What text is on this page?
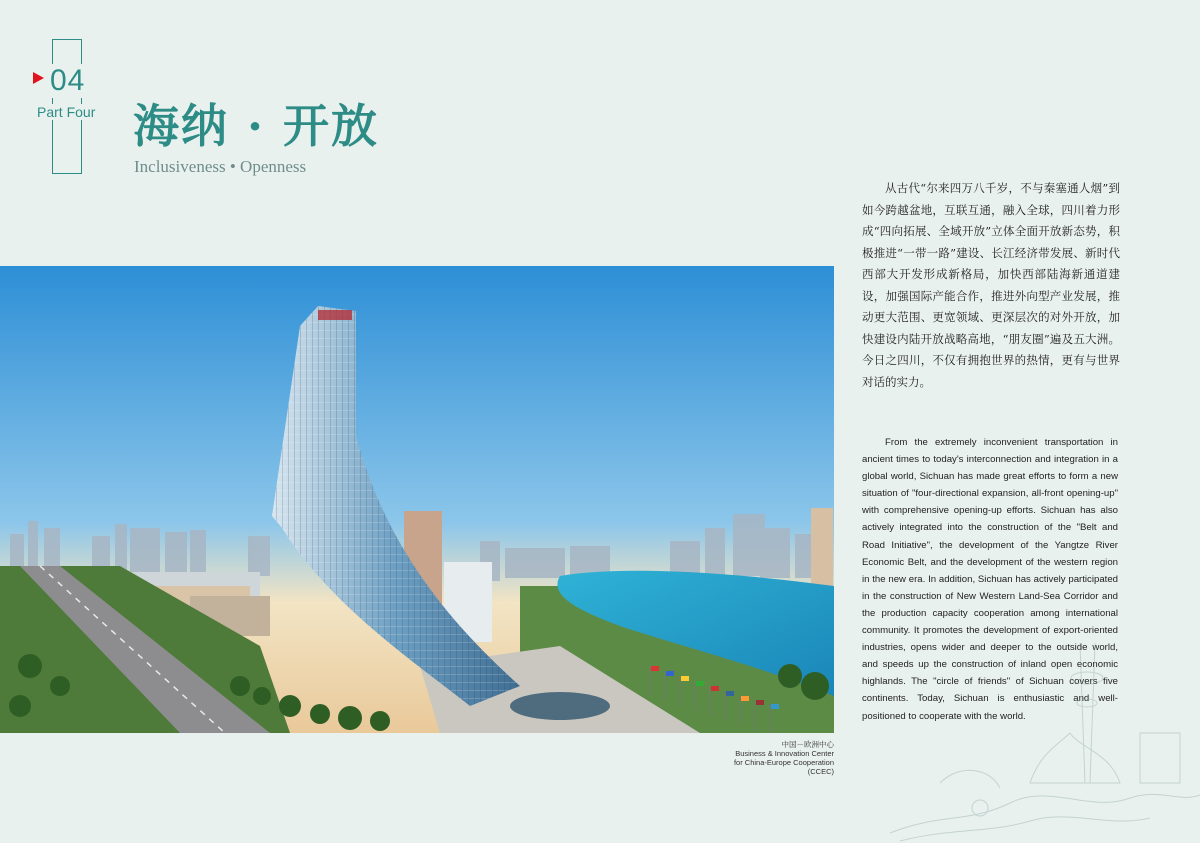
04
Part Four 海纳 · 开放
Inclusiveness • Openness
中国－欧洲中心
Business & Innovation Center
for China-Europe Cooperation
(CCEC)
从古代“尔来四万八千岁，不与秦塞通人烟”到如今跨越盆地，互联互通，融入全球，四川着力形成“四向拓展、全域开放”立体全面开放新态势，积极推进“一带一路”建设、长江经济带发展、新时代西部大开发形成新格局，加快西部陆海新通道建设，加强国际产能合作，推进外向型产业发展，推动更大范围、更宽领域、更深层次的对外开放，加快建设内陆开放战略高地，“朋友圈”遍及五大洲。今日之四川，不仅有拥抱世界的热情，更有与世界对话的实力。
From the extremely inconvenient transportation in ancient times to today's interconnection and integration in a global world, Sichuan has made great efforts to form a new situation of "four-directional expansion, all-front opening-up" with comprehensive opening-up efforts. Sichuan has also actively integrated into the construction of the "Belt and Road Initiative", the development of the Yangtze River Economic Belt, and the development of the western region in the new era. In addition, Sichuan has actively participated in the construction of New Western Land-Sea Corridor and the production capacity cooperation among international community. It promotes the development of export-oriented industries, opens wider and deeper to the outside world, and speeds up the construction of inland open economic highlands. The "circle of friends" of Sichuan covers five continents. Today, Sichuan is enthusiastic and well-positioned to cooperate with the world.
